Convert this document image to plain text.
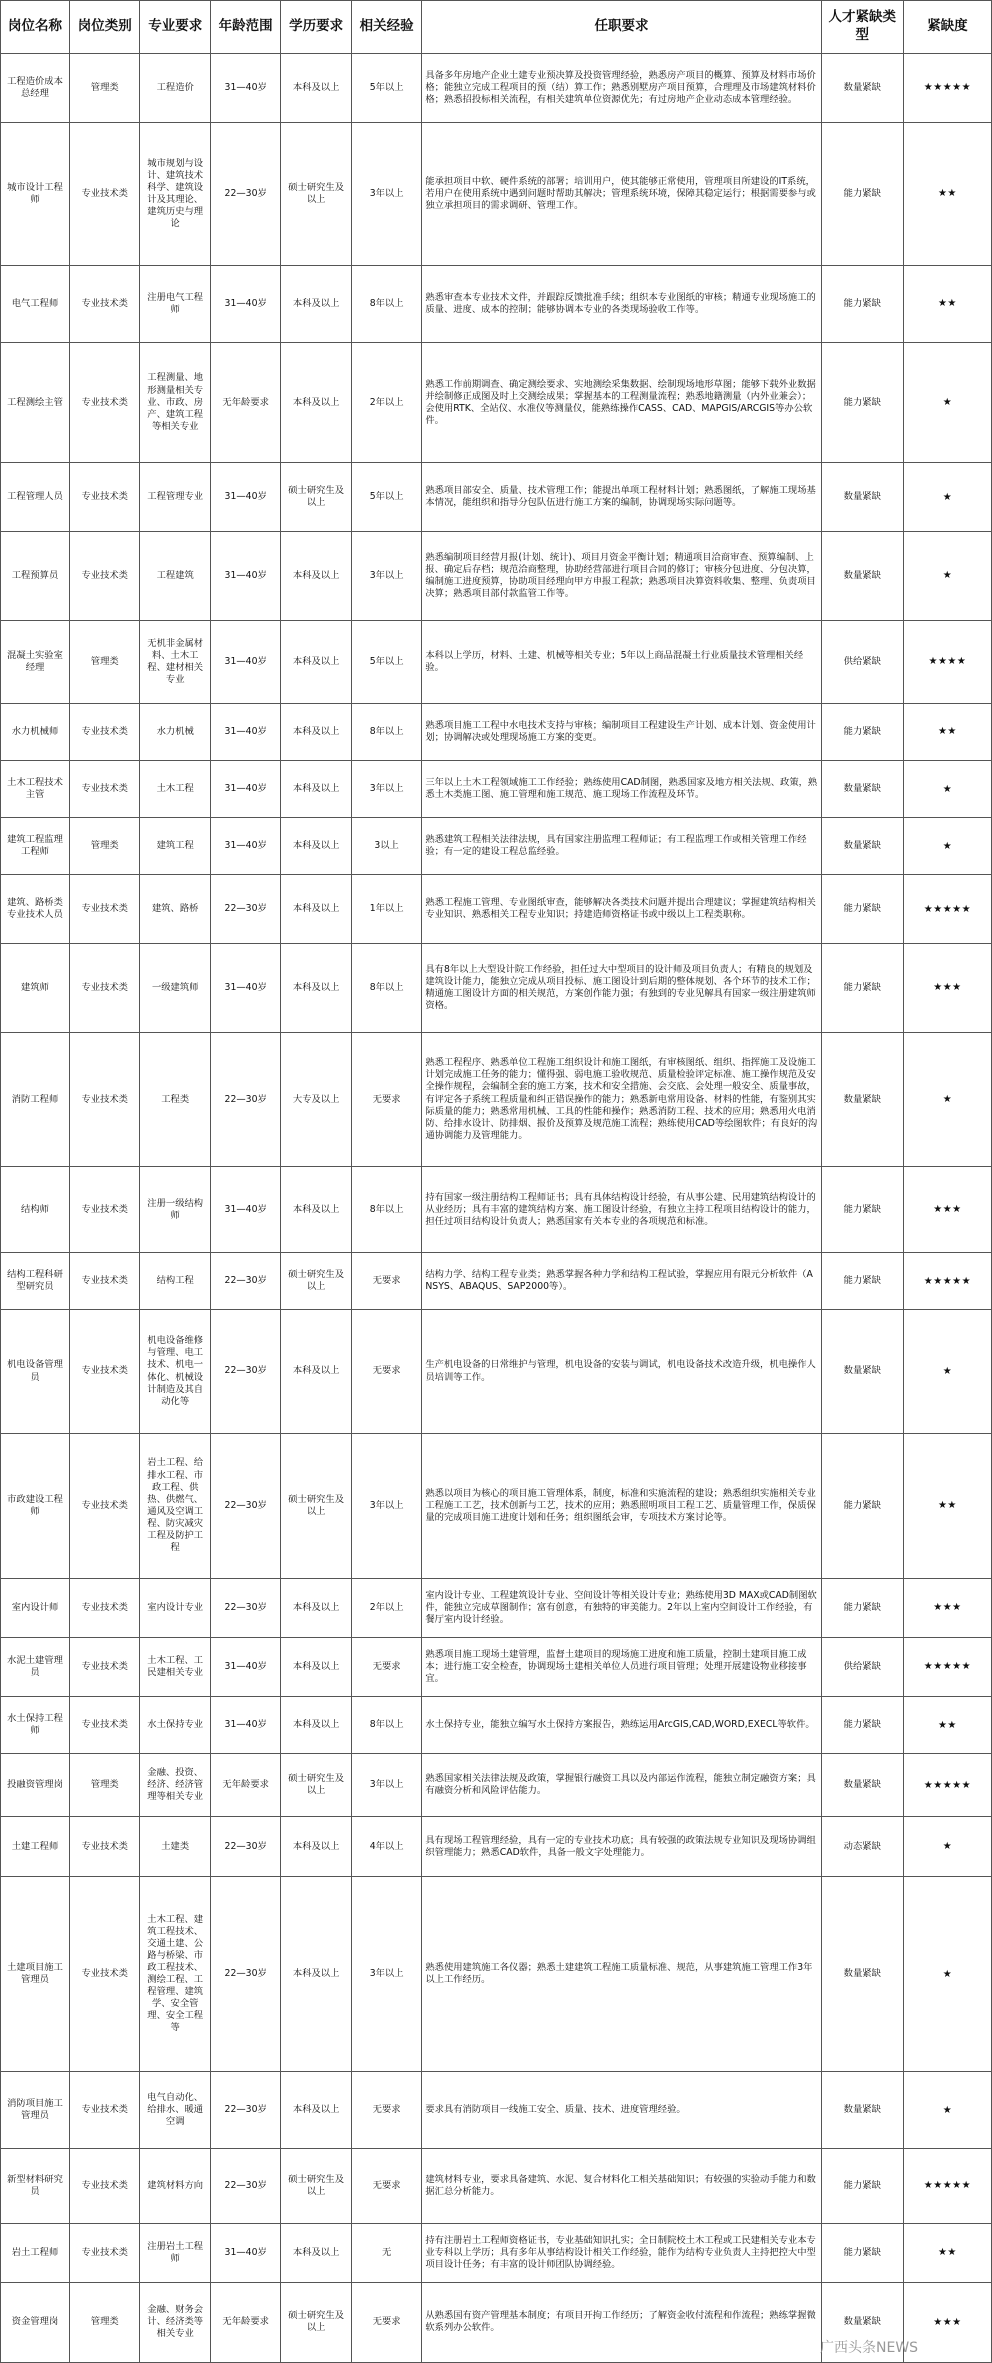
岗位名称	岗位类别	专业要求	年龄范围	学历要求	相关经验	任职要求	人才紧缺类型	紧缺度
工程造价成本总经理	管理类	工程造价	31—40岁	本科及以上	5年以上	具备多年房地产企业土建专业预决算及投资管理经验，熟悉房产项目的概算、预算及材料市场价格；能独立完成工程项目的预（结）算工作；熟悉别墅房产项目预算，合理理及市场建筑材料价格；熟悉招投标相关流程，有相关建筑单位资源优先；有过房地产企业动态成本管理经验。	数量紧缺	★★★★★
城市设计工程师	专业技术类	城市规划与设计、建筑技术科学、建筑设计及其理论、建筑历史与理论	22—30岁	硕士研究生及以上	3年以上	能承担项目中软、硬件系统的部署；培训用户，使其能够正常使用，管理项目所建设的IT系统，若用户在使用系统中遇到问题时帮助其解决；管理系统环境，保障其稳定运行；根据需要参与或独立承担项目的需求调研、管理工作。	能力紧缺	★★
电气工程师	专业技术类	注册电气工程师	31—40岁	本科及以上	8年以上	熟悉审查本专业技术文件，并跟踪反馈批准手续；组织本专业图纸的审核；精通专业现场施工的质量、进度、成本的控制；能够协调本专业的各类现场验收工作等。	能力紧缺	★★
工程测绘主管	专业技术类	工程测量、地形测量相关专业、市政、房产、建筑工程等相关专业	无年龄要求	本科及以上	2年以上	熟悉工作前期调查、确定测绘要求、实地测绘采集数据、绘制现场地形草图；能够下载外业数据并绘制修正成图及时上交测绘成果；掌握基本的工程测量流程；熟悉地籍测量（内外业兼会）；会使用RTK、全站仪、水准仪等测量仪，能熟练操作CASS、CAD、MAPGIS/ARCGIS等办公软件。	能力紧缺	★
工程管理人员	专业技术类	工程管理专业	31—40岁	硕士研究生及以上	5年以上	熟悉项目部安全、质量、技术管理工作；能提出单项工程材料计划；熟悉图纸，了解施工现场基本情况，能组织和指导分包队伍进行施工方案的编制，协调现场实际问题等。	数量紧缺	★
工程预算员	专业技术类	工程建筑	31—40岁	本科及以上	3年以上	熟悉编制项目经营月报(计划、统计)、项目月资金平衡计划；精通项目洽商审查、预算编制、上报、确定后存档；规范洽商整理，协助经营部进行项目合同的修订；审核分包进度、分包决算，编制施工进度预算，协助项目经理向甲方申报工程款；熟悉项目决算资料收集、整理、负责项目决算；熟悉项目部付款监管工作等。	数量紧缺	★
混凝土实验室经理	管理类	无机非金属材料、土木工程、建材相关专业	31—40岁	本科及以上	5年以上	本科以上学历，材料、土建、机械等相关专业；5年以上商品混凝土行业质量技术管理相关经验。	供给紧缺	★★★★
水力机械师	专业技术类	水力机械	31—40岁	本科及以上	8年以上	熟悉项目施工工程中水电技术支持与审核；编制项目工程建设生产计划、成本计划、资金使用计划；协调解决或处理现场施工方案的变更。	能力紧缺	★★
土木工程技术主管	专业技术类	土木工程	31—40岁	本科及以上	3年以上	三年以上土木工程领域施工工作经验；熟练使用CAD制图，熟悉国家及地方相关法规、政策，熟悉土木类施工图、施工管理和施工规范、施工现场工作流程及环节。	数量紧缺	★
建筑工程监理工程师	管理类	建筑工程	31—40岁	本科及以上	3以上	熟悉建筑工程相关法律法规，具有国家注册监理工程师证；有工程监理工作或相关管理工作经验；有一定的建设工程总监经验。	数量紧缺	★
建筑、路桥类专业技术人员	专业技术类	建筑、路桥	22—30岁	本科及以上	1年以上	熟悉工程施工管理、专业图纸审查，能够解决各类技术问题并提出合理建议；掌握建筑结构相关专业知识、熟悉相关工程专业知识；持建造师资格证书或中级以上工程类职称。	能力紧缺	★★★★★
建筑师	专业技术类	一级建筑师	31—40岁	本科及以上	8年以上	具有8年以上大型设计院工作经验，担任过大中型项目的设计师及项目负责人；有精良的规划及建筑设计能力，能独立完成从项目投标、施工图设计到后期的整体规划、各个环节的技术工作；精通施工图设计方面的相关规范，方案创作能力强；有独到的专业见解具有国家一级注册建筑师资格。	能力紧缺	★★★
消防工程师	专业技术类	工程类	22—30岁	大专及以上	无要求	熟悉工程程序、熟悉单位工程施工组织设计和施工图纸，有审核图纸、组织、指挥施工及设施工计划完成施工任务的能力；懂得强、弱电施工验收规范、质量检验评定标准、施工操作规范及安全操作规程，会编制全套的施工方案，技术和安全措施、会交底、会处理一般安全、质量事故，有评定各子系统工程质量和纠正错误操作的能力；熟悉新电常用设备、材料的性能，有鉴别其实际质量的能力；熟悉常用机械、工具的性能和操作；熟悉消防工程、技术的应用；熟悉用火电消防、给排水设计、防排烟、报价及预算及规范施工流程；熟练使用CAD等绘图软件；有良好的沟通协调能力及管理能力。	数量紧缺	★
结构师	专业技术类	注册一级结构师	31—40岁	本科及以上	8年以上	持有国家一级注册结构工程师证书；具有具体结构设计经验，有从事公建、民用建筑结构设计的从业经历；具有丰富的建筑结构方案、施工图设计经验，有独立主持工程项目结构设计的能力，担任过项目结构设计负责人；熟悉国家有关本专业的各项规范和标准。	能力紧缺	★★★
结构工程科研型研究员	专业技术类	结构工程	22—30岁	硕士研究生及以上	无要求	结构力学、结构工程专业类；熟悉掌握各种力学和结构工程试验，掌握应用有限元分析软件（ANSYS、ABAQUS、SAP2000等）。	能力紧缺	★★★★★
机电设备管理员	专业技术类	机电设备维修与管理、电工技术、机电一体化、机械设计制造及其自动化等	22—30岁	本科及以上	无要求	生产机电设备的日常维护与管理，机电设备的安装与调试，机电设备技术改造升级，机电操作人员培训等工作。	数量紧缺	★
市政建设工程师	专业技术类	岩土工程、给排水工程、市政工程、供热、供燃气、通风及空调工程、防灾减灾工程及防护工程	22—30岁	硕士研究生及以上	3年以上	熟悉以项目为核心的项目施工管理体系，制度，标准和实施流程的建设；熟悉组织实施相关专业工程施工工艺，技术创新与工艺，技术的应用；熟悉照明项目工程工艺、质量管理工作，保质保量的完成项目施工进度计划和任务；组织图纸会审，专项技术方案讨论等。	能力紧缺	★★
室内设计师	专业技术类	室内设计专业	22—30岁	本科及以上	2年以上	室内设计专业、工程建筑设计专业、空间设计等相关设计专业；熟练使用3D MAX或CAD制图软件，能独立完成草图制作；富有创意，有独特的审美能力。2年以上室内空间设计工作经验，有餐厅室内设计经验。	能力紧缺	★★★
水泥土建管理员	专业技术类	土木工程、工民建相关专业	31—40岁	本科及以上	无要求	熟悉项目施工现场土建管理，监督土建项目的现场施工进度和施工质量，控制土建项目施工成本；进行施工安全检查，协调现场土建相关单位人员进行项目管理；处理开展建设物业移接事宜。	供给紧缺	★★★★★
水土保持工程师	专业技术类	水土保持专业	31—40岁	本科及以上	8年以上	水土保持专业，能独立编写水土保持方案报告，熟练运用ArcGIS,CAD,WORD,EXECL等软件。	能力紧缺	★★
投融资管理岗	管理类	金融、投资、经济、经济管理等相关专业	无年龄要求	硕士研究生及以上	3年以上	熟悉国家相关法律法规及政策，掌握银行融资工具以及内部运作流程，能独立制定融资方案；具有融资分析和风险评估能力。	数量紧缺	★★★★★
土建工程师	专业技术类	土建类	22—30岁	本科及以上	4年以上	具有现场工程管理经验，具有一定的专业技术功底；具有较强的政策法规专业知识及现场协调组织管理能力；熟悉CAD软件，具备一般文字处理能力。	动态紧缺	★
土建项目施工管理员	专业技术类	土木工程、建筑工程技术、交通土建、公路与桥梁、市政工程技术、测绘工程、工程管理、建筑学、安全管理、安全工程等	22—30岁	本科及以上	3年以上	熟悉使用建筑施工各仪器；熟悉土建建筑工程施工质量标准、规范，从事建筑施工管理工作3年以上工作经历。	数量紧缺	★
消防项目施工管理员	专业技术类	电气自动化、给排水、暖通空调	22—30岁	本科及以上	无要求	要求具有消防项目一线施工安全、质量、技术、进度管理经验。	数量紧缺	★
新型材料研究员	专业技术类	建筑材料方向	22—30岁	硕士研究生及以上	无要求	建筑材料专业，要求具备建筑、水泥、复合材料化工相关基础知识；有较强的实验动手能力和数据汇总分析能力。	能力紧缺	★★★★★
岩土工程师	专业技术类	注册岩土工程师	31—40岁	本科及以上	无	持有注册岩土工程师资格证书，专业基础知识扎实；全日制院校土木工程或工民建相关专业本专业专科以上学历；具有多年从事结构设计相关工作经验，能作为结构专业负责人主持把控大中型项目设计任务；有丰富的设计师团队协调经验。	能力紧缺	★★
资金管理岗	管理类	金融、财务会计、经济类等相关专业	无年龄要求	硕士研究生及以上	无要求	从熟悉国有资产管理基本制度；有项目开拘工作经历；了解资金收付流程和作流程；熟练掌握微软系列办公软件。	数量紧缺	★★★
广西头条NEWS
